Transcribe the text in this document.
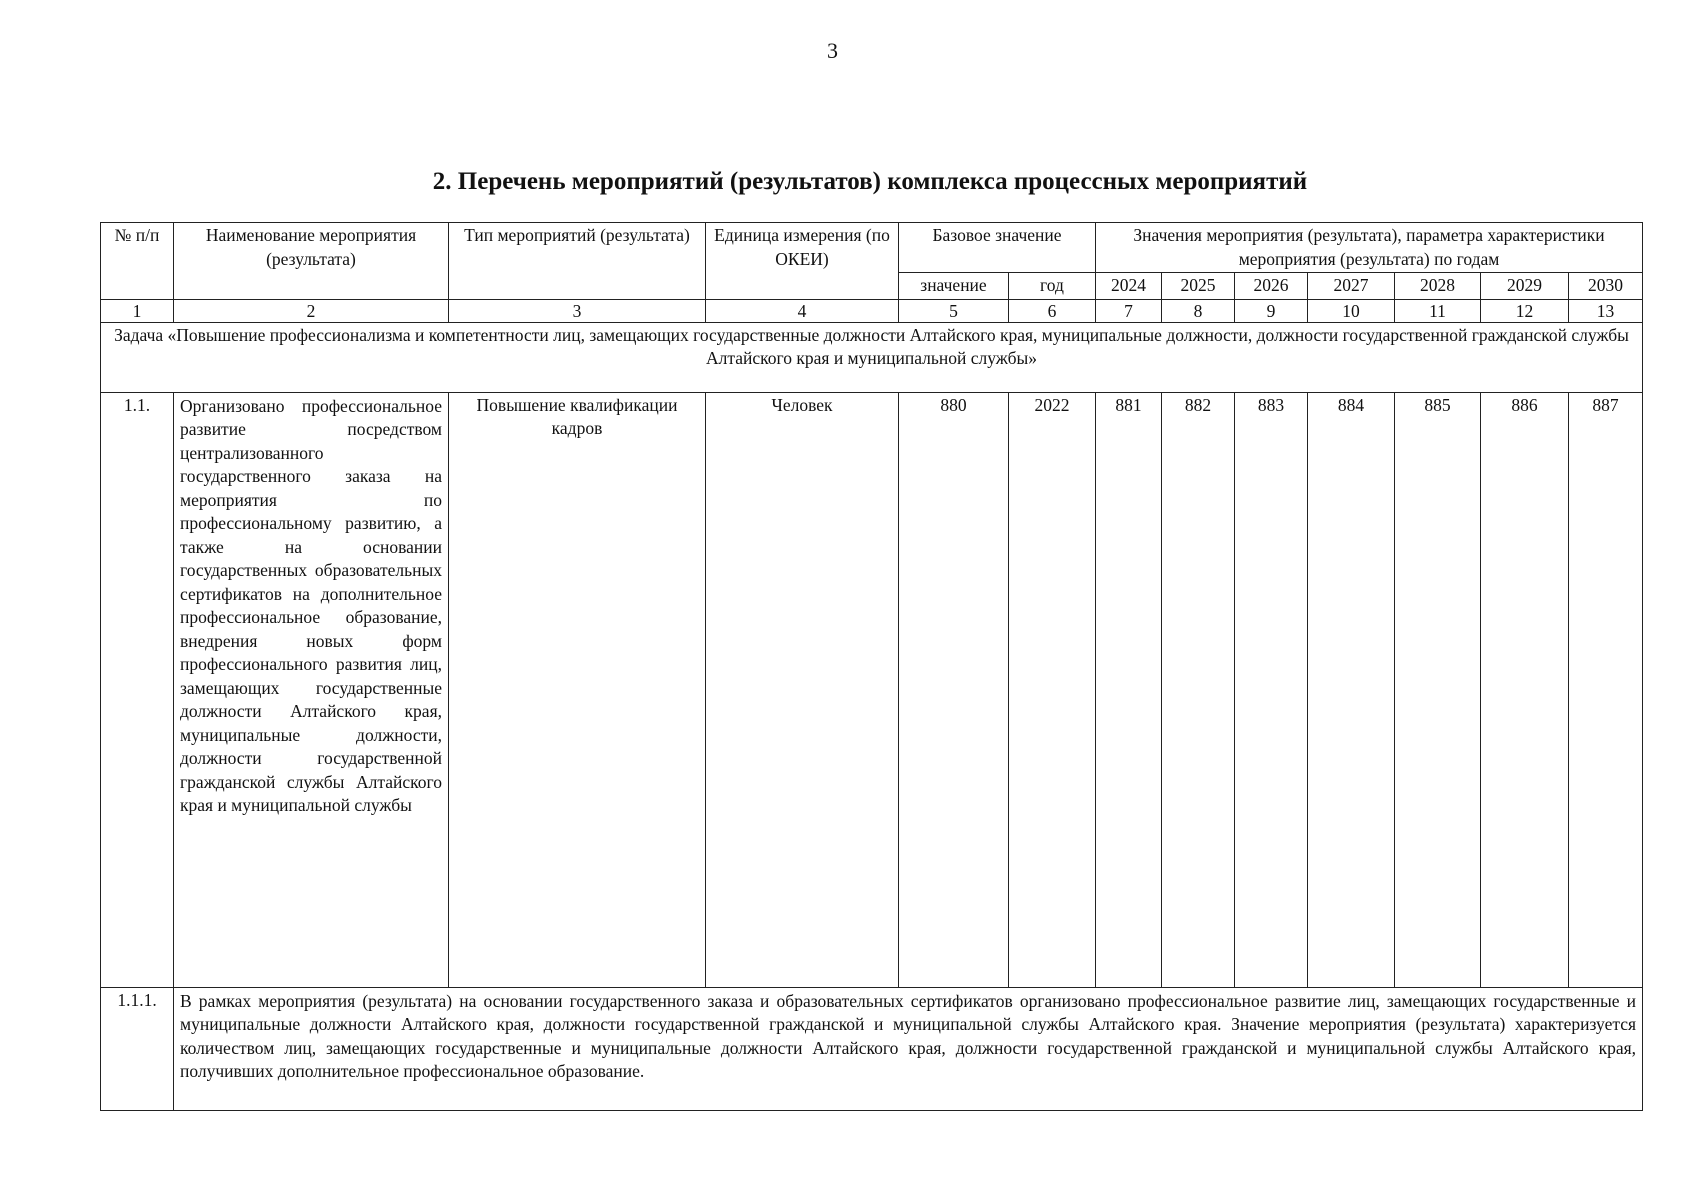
3
2. Перечень мероприятий (результатов) комплекса процессных мероприятий
№ п/п	Наименование мероприятия (результата)	Тип мероприятий (результата)	Единица измерения (по ОКЕИ)	Базовое значение		Значения мероприятия (результата), параметра характеристики мероприятия (результата) по годам						
				значение	год	2024	2025	2026	2027	2028	2029	2030
1	2	3	4	5	6	7	8	9	10	11	12	13
Задача «Повышение профессионализма и компетентности лиц, замещающих государственные должности Алтайского края, муниципальные должности, должности государственной гражданской службы Алтайского края и муниципальной службы»												
1.1.	Организовано профессиональное развитие посредством централизованного государственного заказа на мероприятия по профессиональному развитию, а также на основании государственных образовательных сертификатов на дополнительное профессиональное образование, внедрения новых форм профессионального развития лиц, замещающих государственные должности Алтайского края, муниципальные должности, должности государственной гражданской службы Алтайского края и муниципальной службы	Повышение квалификации кадров	Человек	880	2022	881	882	883	884	885	886	887
1.1.1.	В рамках мероприятия (результата) на основании государственного заказа и образовательных сертификатов организовано профессиональное развитие лиц, замещающих государственные и муниципальные должности Алтайского края, должности государственной гражданской и муниципальной службы Алтайского края. Значение мероприятия (результата) характеризуется количеством лиц, замещающих государственные и муниципальные должности Алтайского края, должности государственной гражданской и муниципальной службы Алтайского края, получивших дополнительное профессиональное образование.											
